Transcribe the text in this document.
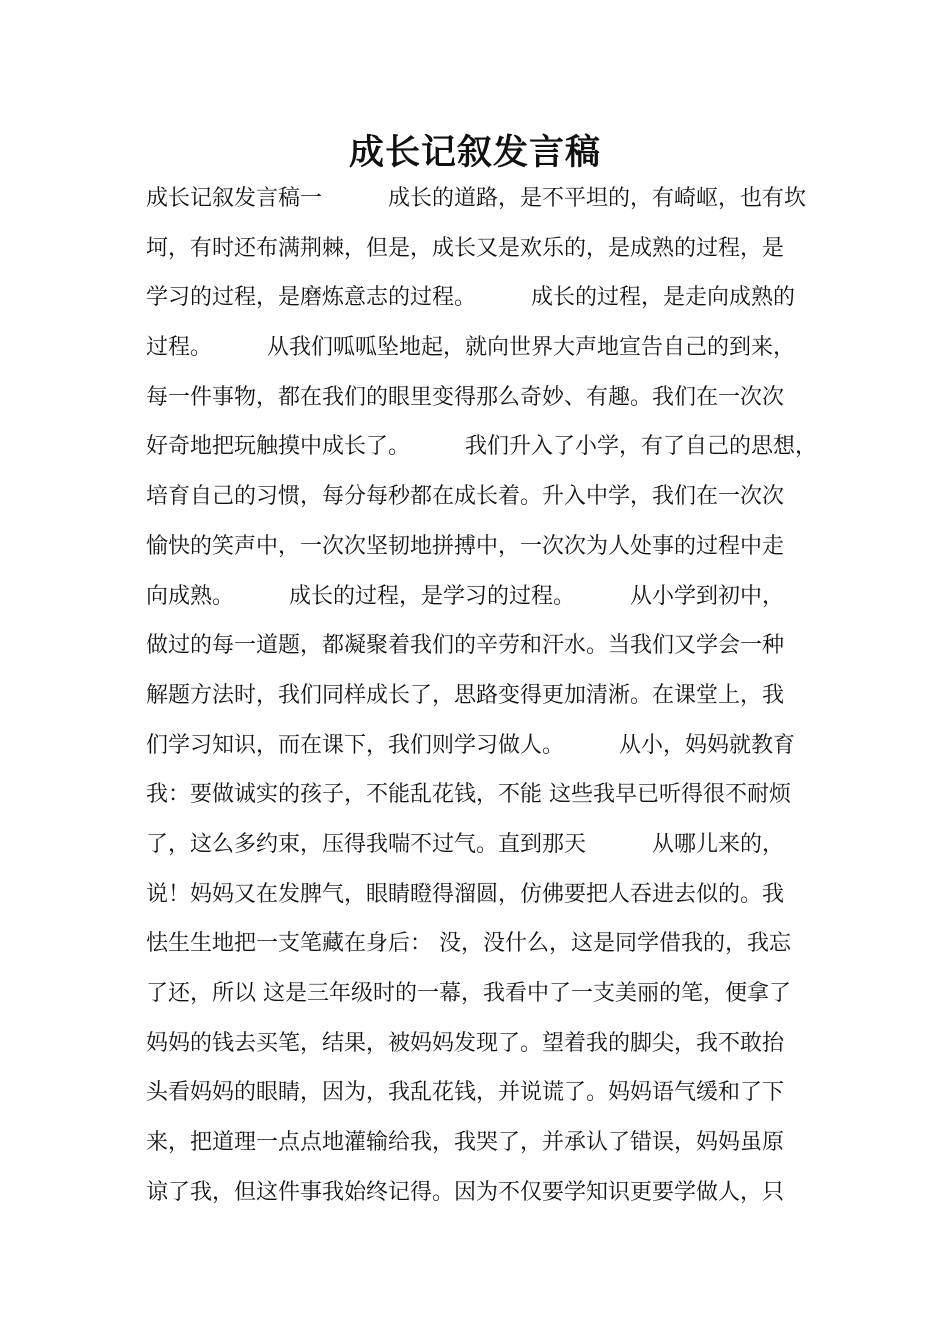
成长记叙发言稿
成长记叙发言稿一　　　成长的道路，是不平坦的，有崎岖，也有坎
坷，有时还布满荆棘，但是，成长又是欢乐的，是成熟的过程，是
学习的过程，是磨炼意志的过程。　　　成长的过程，是走向成熟的
过程。　　　从我们呱呱坠地起，就向世界大声地宣告自己的到来，
每一件事物，都在我们的眼里变得那么奇妙、有趣。我们在一次次
好奇地把玩触摸中成长了。　　　我们升入了小学，有了自己的思想，
培育自己的习惯，每分每秒都在成长着。升入中学，我们在一次次
愉快的笑声中，一次次坚韧地拼搏中，一次次为人处事的过程中走
向成熟。　　　成长的过程，是学习的过程。　　　从小学到初中，
做过的每一道题，都凝聚着我们的辛劳和汗水。当我们又学会一种
解题方法时，我们同样成长了，思路变得更加清淅。在课堂上，我
们学习知识，而在课下，我们则学习做人。　　　从小，妈妈就教育
我：要做诚实的孩子，不能乱花钱，不能 这些我早已听得很不耐烦
了，这么多约束，压得我喘不过气。直到那天　　　从哪儿来的，
说！妈妈又在发脾气，眼睛瞪得溜圆，仿佛要把人吞进去似的。我
怯生生地把一支笔藏在身后： 没，没什么，这是同学借我的，我忘
了还，所以 这是三年级时的一幕，我看中了一支美丽的笔，便拿了
妈妈的钱去买笔，结果，被妈妈发现了。望着我的脚尖，我不敢抬
头看妈妈的眼睛，因为，我乱花钱，并说谎了。妈妈语气缓和了下
来，把道理一点点地灌输给我，我哭了，并承认了错误，妈妈虽原
谅了我，但这件事我始终记得。因为不仅要学知识更要学做人，只
